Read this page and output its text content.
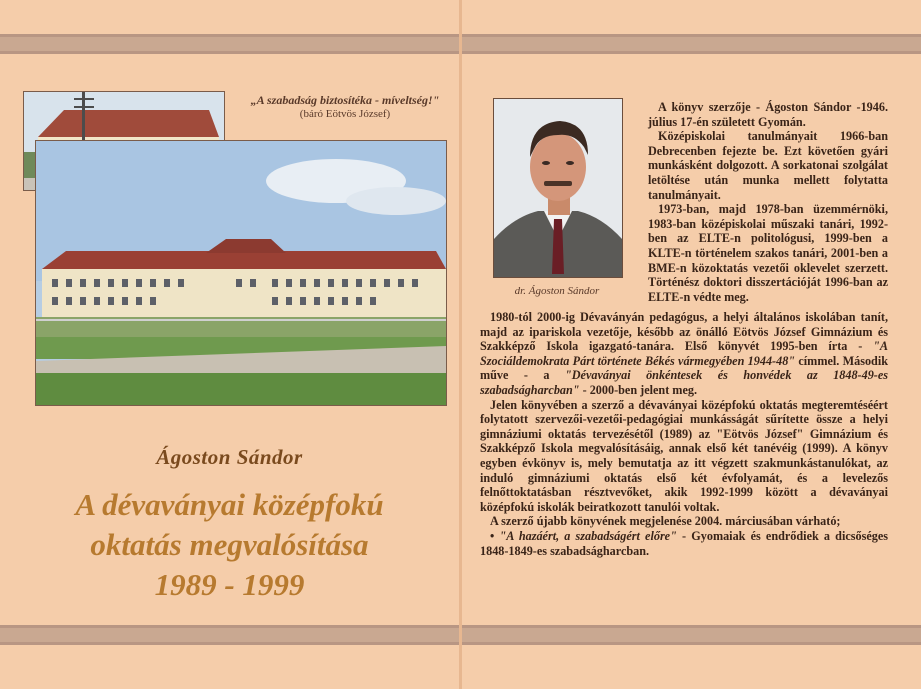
„A szabadság biztosítéka - míveltség!"
(báró Eötvös József)
Ágoston Sándor
A dévaványai középfokú
oktatás megvalósítása
1989 - 1999
dr. Ágoston Sándor

A könyv szerzője - Ágoston Sándor -1946. július 17-én született Gyomán.

Középiskolai tanulmányait 1966-ban Debrecenben fejezte be. Ezt követően gyári munkásként dolgozott. A sorkatonai szolgálat letöltése után munka mellett folytatta tanulmányait.

1973-ban, majd 1978-ban üzemmérnöki, 1983-ban középiskolai műszaki tanári, 1992-ben az ELTE-n politológusi, 1999-ben a KLTE-n történelem szakos tanári, 2001-ben a BME-n közoktatás vezetői oklevelet szerzett. Történész doktori disszertációját 1996-ban az ELTE-n védte meg.

1980-tól 2000-ig Dévaványán pedagógus, a helyi általános iskolában tanít, majd az ipariskola vezetője, később az önálló Eötvös József Gimnázium és Szakképző Iskola igazgató-tanára. Első könyvét 1995-ben írta - "A Szociáldemokrata Párt története Békés vármegyében 1944-48" címmel. Második műve - a "Dévaványai önkéntesek és honvédek az 1848-49-es szabadságharcban" - 2000-ben jelent meg.

Jelen könyvében a szerző a dévaványai középfokú oktatás megteremtéséért folytatott szervezői-vezetői-pedagógiai munkásságát sűrítette össze a helyi gimnáziumi oktatás tervezésétől (1989) az "Eötvös József" Gimnázium és Szakképző Iskola megvalósításáig, annak első két tanévéig (1999). A könyv egyben évkönyv is, mely bemutatja az itt végzett szakmunkástanulókat, az induló gimnáziumi oktatás első két évfolyamát, és a levelezős felnőttoktatásban résztvevőket, akik 1992-1999 között a dévaványai középfokú iskolák beiratkozott tanulói voltak.

A szerző újabb könyvének megjelenése 2004. márciusában várható;

• "A hazáért, a szabadságért előre" - Gyomaiak és endrődiek a dicsőséges 1848-1849-es szabadságharcban.
